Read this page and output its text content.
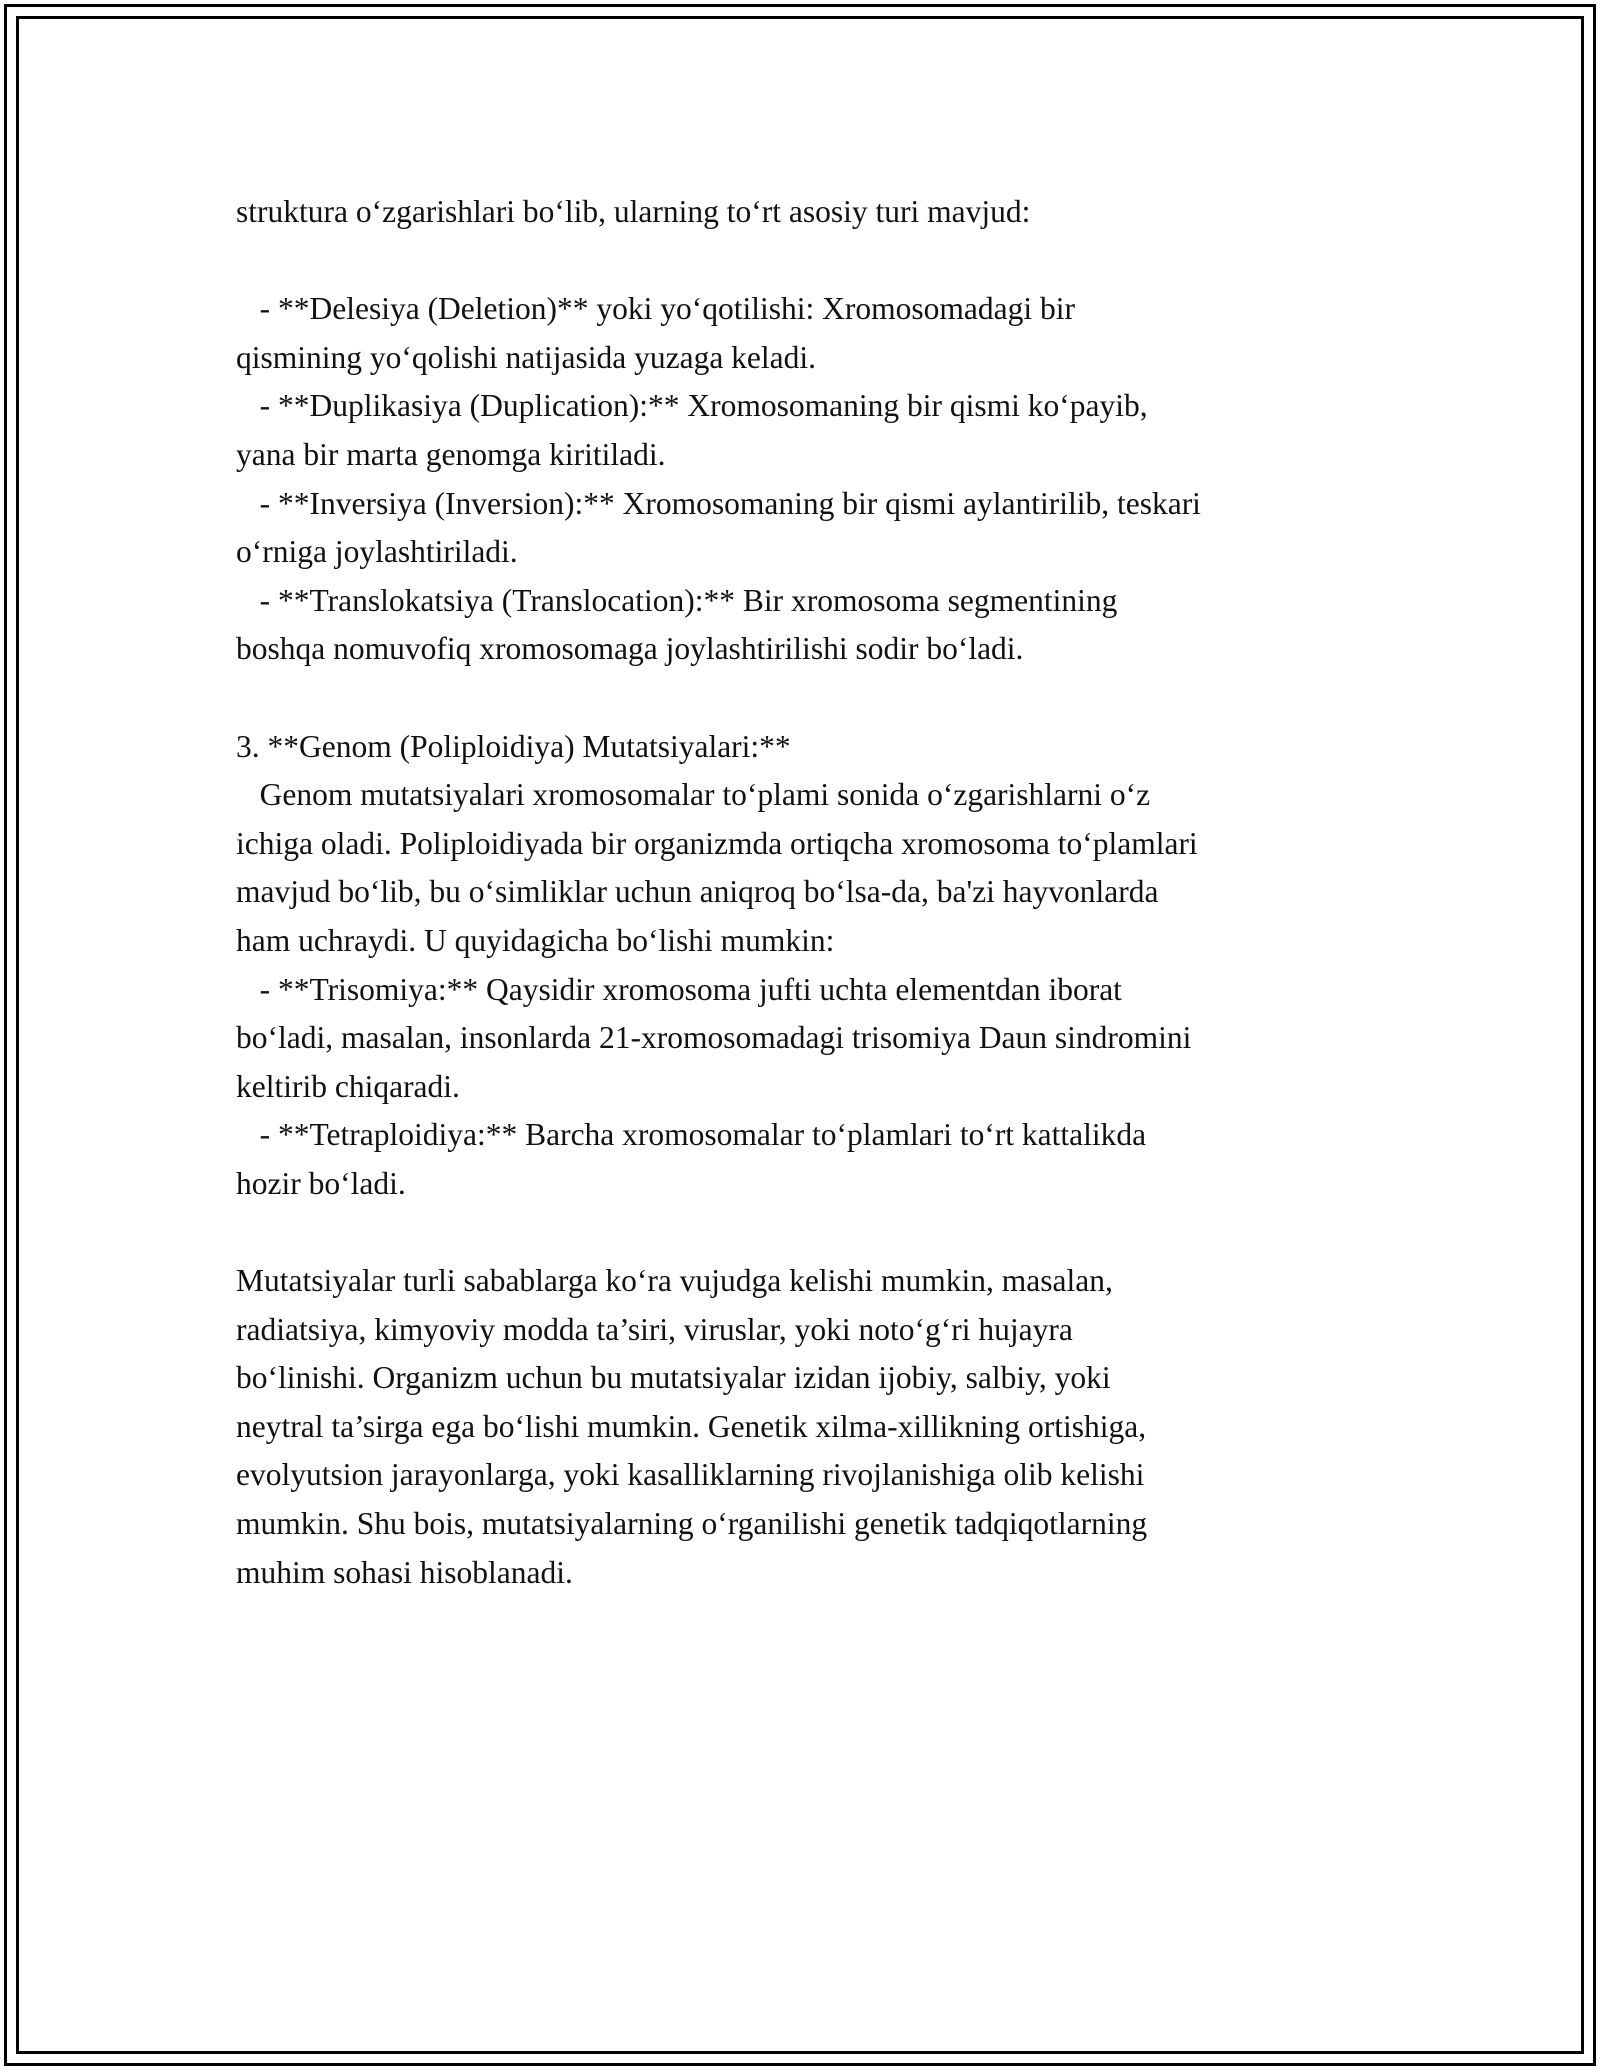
struktura o‘zgarishlari bo‘lib, ularning to‘rt asosiy turi mavjud:
- **Delesiya (Deletion)** yoki yo‘qotilishi: Xromosomadagi bir
qismining yo‘qolishi natijasida yuzaga keladi.
- **Duplikasiya (Duplication):** Xromosomaning bir qismi ko‘payib,
yana bir marta genomga kiritiladi.
- **Inversiya (Inversion):** Xromosomaning bir qismi aylantirilib, teskari
o‘rniga joylashtiriladi.
- **Translokatsiya (Translocation):** Bir xromosoma segmentining
boshqa nomuvofiq xromosomaga joylashtirilishi sodir bo‘ladi.
3. **Genom (Poliploidiya) Mutatsiyalari:**
Genom mutatsiyalari xromosomalar to‘plami sonida o‘zgarishlarni o‘z
ichiga oladi. Poliploidiyada bir organizmda ortiqcha xromosoma to‘plamlari
mavjud bo‘lib, bu o‘simliklar uchun aniqroq bo‘lsa-da, ba'zi hayvonlarda
ham uchraydi. U quyidagicha bo‘lishi mumkin:
- **Trisomiya:** Qaysidir xromosoma jufti uchta elementdan iborat
bo‘ladi, masalan, insonlarda 21-xromosomadagi trisomiya Daun sindromini
keltirib chiqaradi.
- **Tetraploidiya:** Barcha xromosomalar to‘plamlari to‘rt kattalikda
hozir bo‘ladi.
Mutatsiyalar turli sabablarga ko‘ra vujudga kelishi mumkin, masalan,
radiatsiya, kimyoviy modda ta’siri, viruslar, yoki noto‘g‘ri hujayra
bo‘linishi. Organizm uchun bu mutatsiyalar izidan ijobiy, salbiy, yoki
neytral ta’sirga ega bo‘lishi mumkin. Genetik xilma-xillikning ortishiga,
evolyutsion jarayonlarga, yoki kasalliklarning rivojlanishiga olib kelishi
mumkin. Shu bois, mutatsiyalarning o‘rganilishi genetik tadqiqotlarning
muhim sohasi hisoblanadi.
